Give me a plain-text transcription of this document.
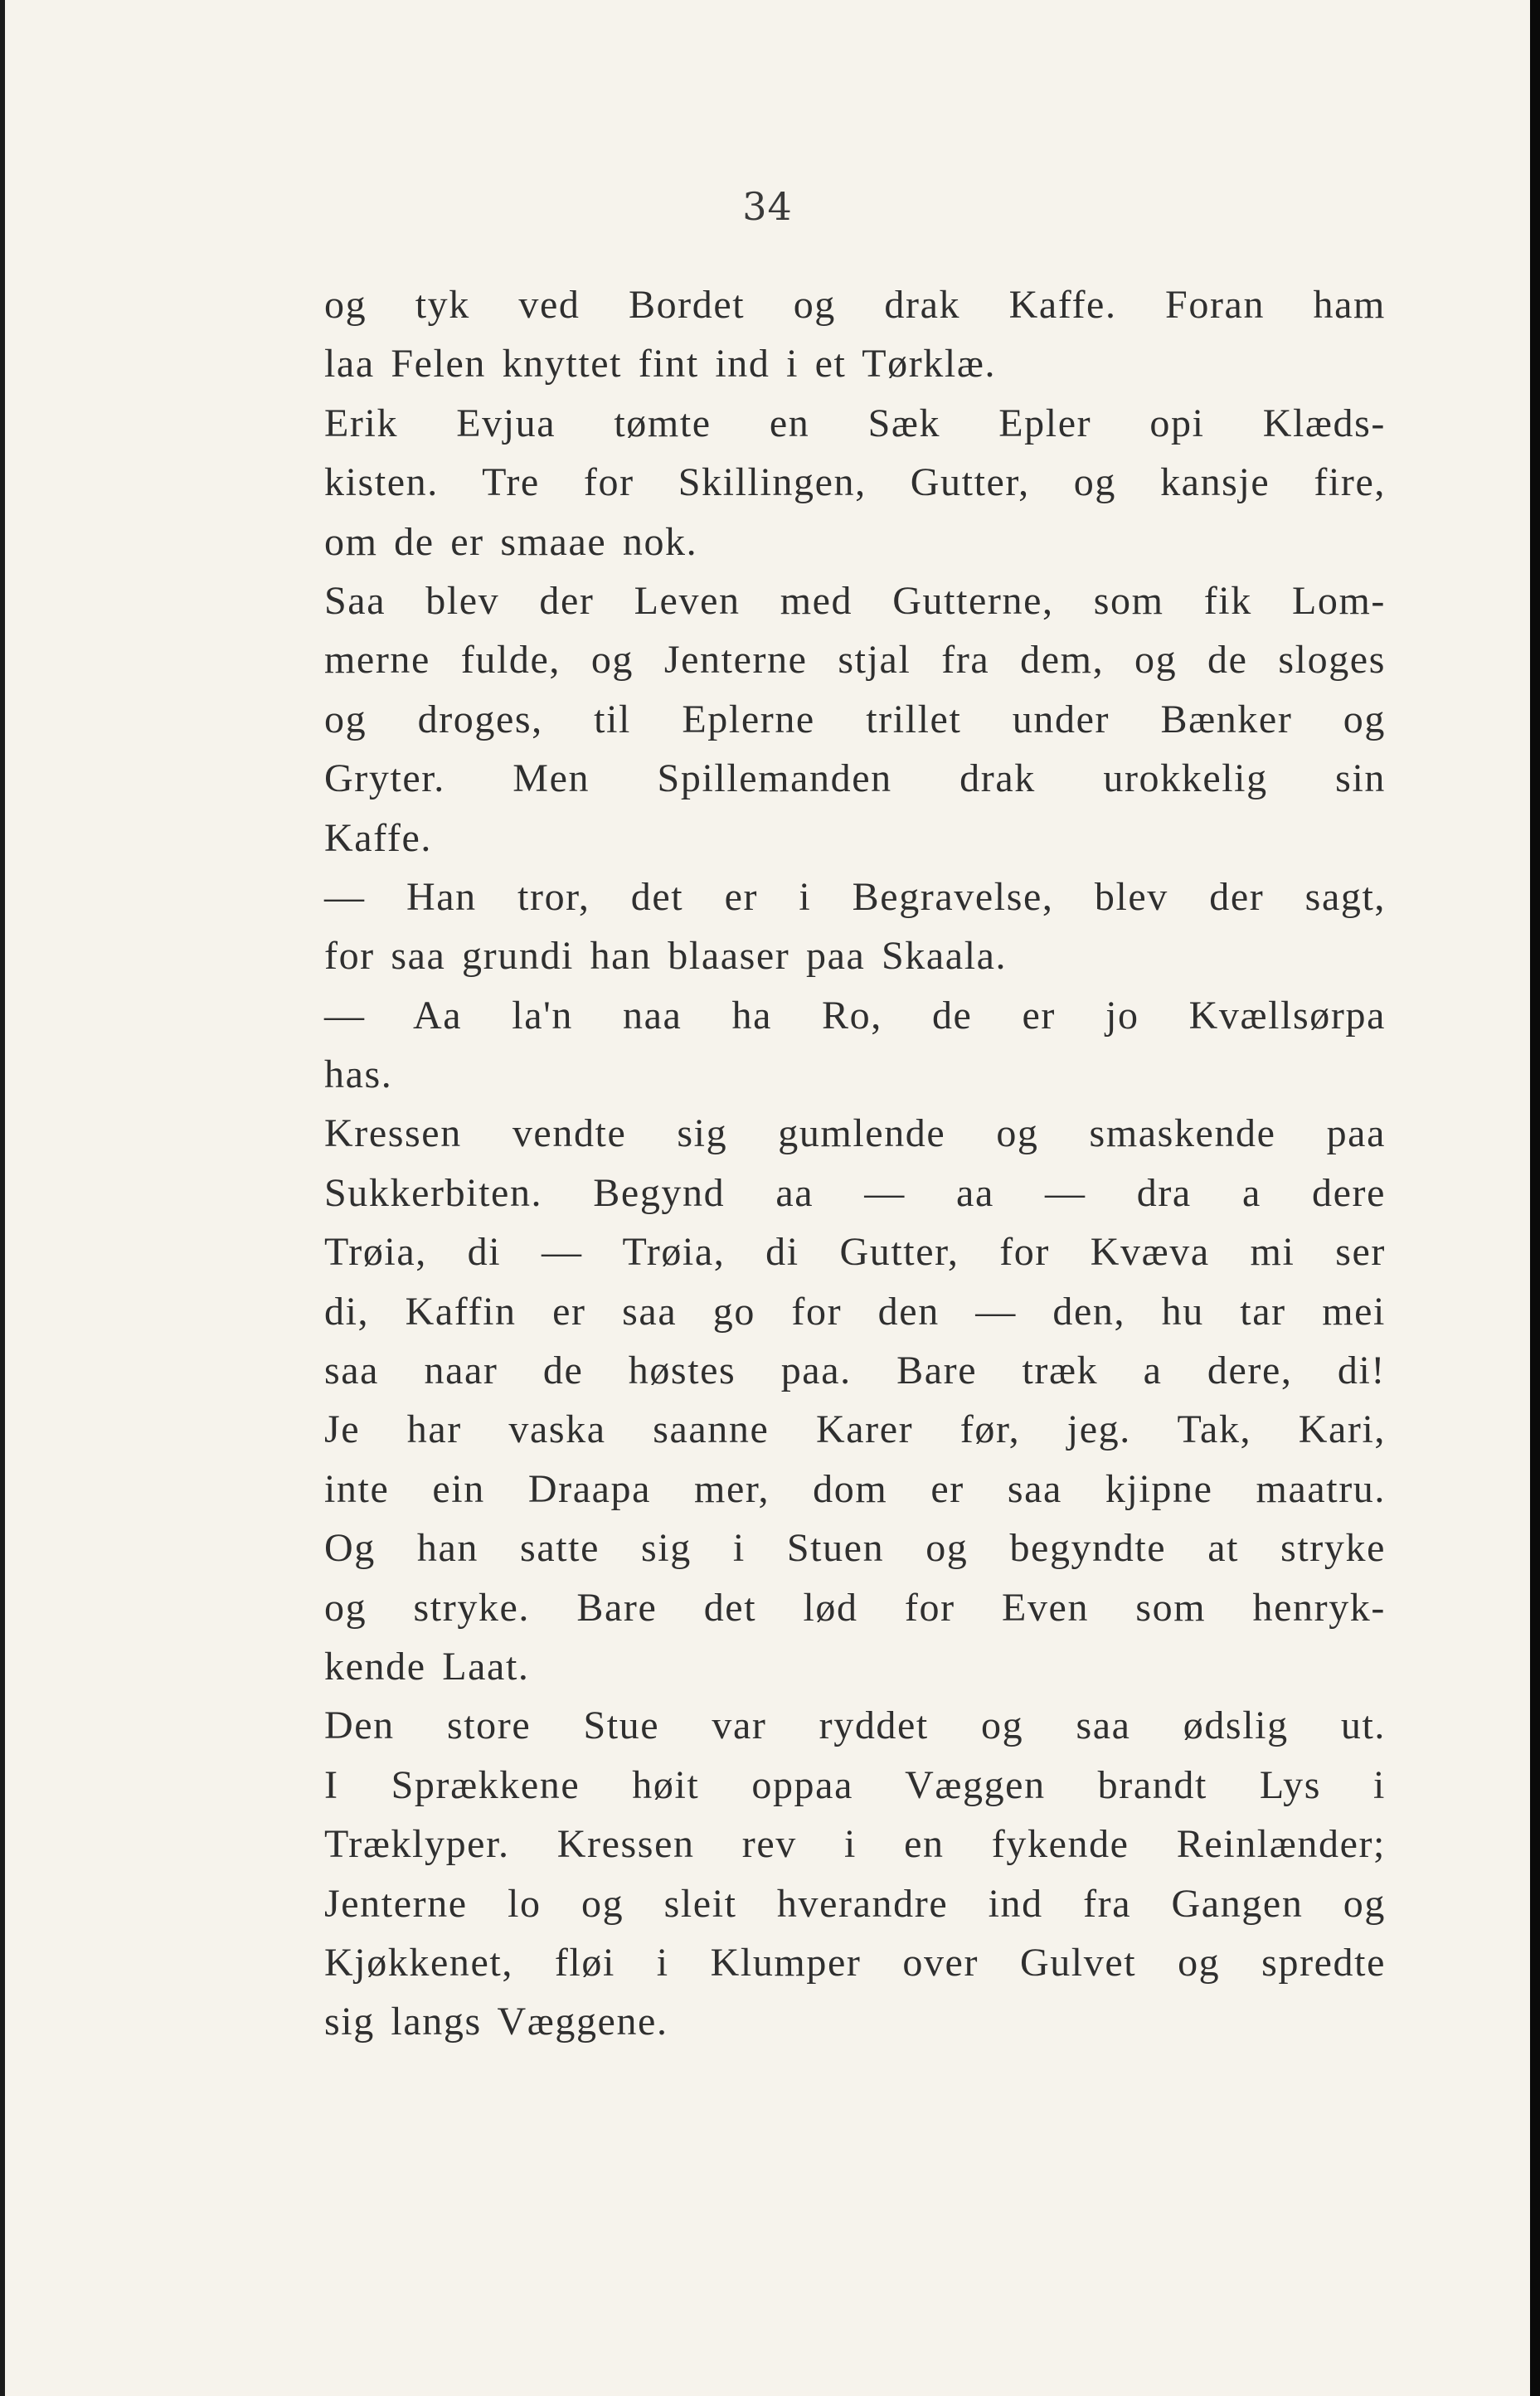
34
og tyk ved Bordet og drak Kaffe. Foran ham
laa Felen knyttet fint ind i et Tørklæ.
Erik Evjua tømte en Sæk Epler opi Klæds-
kisten. Tre for Skillingen, Gutter, og kansje fire,
om de er smaae nok.
Saa blev der Leven med Gutterne, som fik Lom-
merne fulde, og Jenterne stjal fra dem, og de sloges
og droges, til Eplerne trillet under Bænker og
Gryter. Men Spillemanden drak urokkelig sin
Kaffe.
— Han tror, det er i Begravelse, blev der sagt,
for saa grundi han blaaser paa Skaala.
— Aa la'n naa ha Ro, de er jo Kvællsørpa
has.
Kressen vendte sig gumlende og smaskende paa
Sukkerbiten. Begynd aa — aa — dra a dere
Trøia, di — Trøia, di Gutter, for Kvæva mi ser
di, Kaffin er saa go for den — den, hu tar mei
saa naar de høstes paa. Bare træk a dere, di!
Je har vaska saanne Karer før, jeg. Tak, Kari,
inte ein Draapa mer, dom er saa kjipne maatru.
Og han satte sig i Stuen og begyndte at stryke
og stryke. Bare det lød for Even som henryk-
kende Laat.
Den store Stue var ryddet og saa ødslig ut.
I Sprækkene høit oppaa Væggen brandt Lys i
Træklyper. Kressen rev i en fykende Reinlænder;
Jenterne lo og sleit hverandre ind fra Gangen og
Kjøkkenet, fløi i Klumper over Gulvet og spredte
sig langs Væggene.
